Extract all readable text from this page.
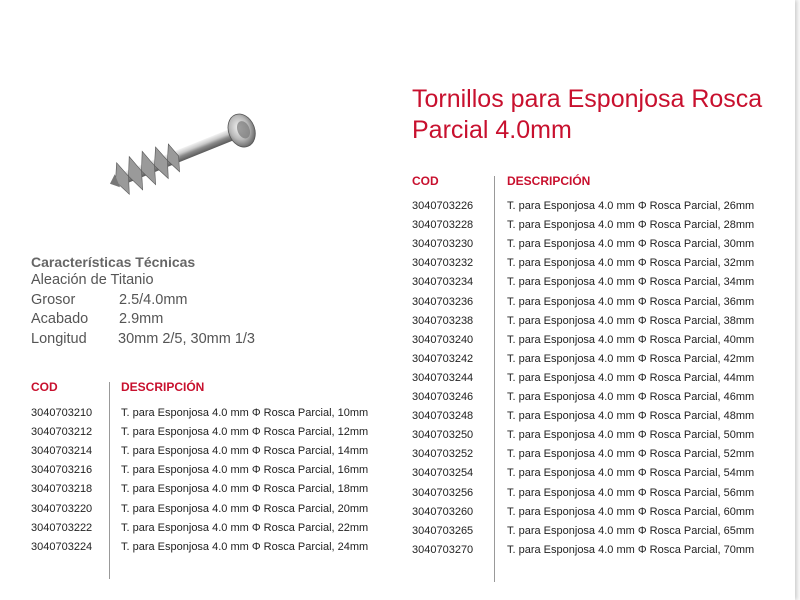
Tornillos para Esponjosa Rosca Parcial 4.0mm
Características Técnicas
Aleación de Titanio
Grosor	2.5/4.0mm
Acabado 2.9mm
Longitud 30mm 2/5, 30mm 1/3
COD	DESCRIPCIÓN
3040703210	T. para Esponjosa 4.0 mm Φ Rosca Parcial, 10mm
3040703212	T. para Esponjosa 4.0 mm Φ Rosca Parcial, 12mm
3040703214	T. para Esponjosa 4.0 mm Φ Rosca Parcial, 14mm
3040703216	T. para Esponjosa 4.0 mm Φ Rosca Parcial, 16mm
3040703218	T. para Esponjosa 4.0 mm Φ Rosca Parcial, 18mm
3040703220	T. para Esponjosa 4.0 mm Φ Rosca Parcial, 20mm
3040703222	T. para Esponjosa 4.0 mm Φ Rosca Parcial, 22mm
3040703224	T. para Esponjosa 4.0 mm Φ Rosca Parcial, 24mm
COD	DESCRIPCIÓN
3040703226	T. para Esponjosa 4.0 mm Φ Rosca Parcial, 26mm
3040703228	T. para Esponjosa 4.0 mm Φ Rosca Parcial, 28mm
3040703230	T. para Esponjosa 4.0 mm Φ Rosca Parcial, 30mm
3040703232	T. para Esponjosa 4.0 mm Φ Rosca Parcial, 32mm
3040703234	T. para Esponjosa 4.0 mm Φ Rosca Parcial, 34mm
3040703236	T. para Esponjosa 4.0 mm Φ Rosca Parcial, 36mm
3040703238	T. para Esponjosa 4.0 mm Φ Rosca Parcial, 38mm
3040703240	T. para Esponjosa 4.0 mm Φ Rosca Parcial, 40mm
3040703242	T. para Esponjosa 4.0 mm Φ Rosca Parcial, 42mm
3040703244	T. para Esponjosa 4.0 mm Φ Rosca Parcial, 44mm
3040703246	T. para Esponjosa 4.0 mm Φ Rosca Parcial, 46mm
3040703248	T. para Esponjosa 4.0 mm Φ Rosca Parcial, 48mm
3040703250	T. para Esponjosa 4.0 mm Φ Rosca Parcial, 50mm
3040703252	T. para Esponjosa 4.0 mm Φ Rosca Parcial, 52mm
3040703254	T. para Esponjosa 4.0 mm Φ Rosca Parcial, 54mm
3040703256	T. para Esponjosa 4.0 mm Φ Rosca Parcial, 56mm
3040703260	T. para Esponjosa 4.0 mm Φ Rosca Parcial, 60mm
3040703265	T. para Esponjosa 4.0 mm Φ Rosca Parcial, 65mm
3040703270	T. para Esponjosa 4.0 mm Φ Rosca Parcial, 70mm
